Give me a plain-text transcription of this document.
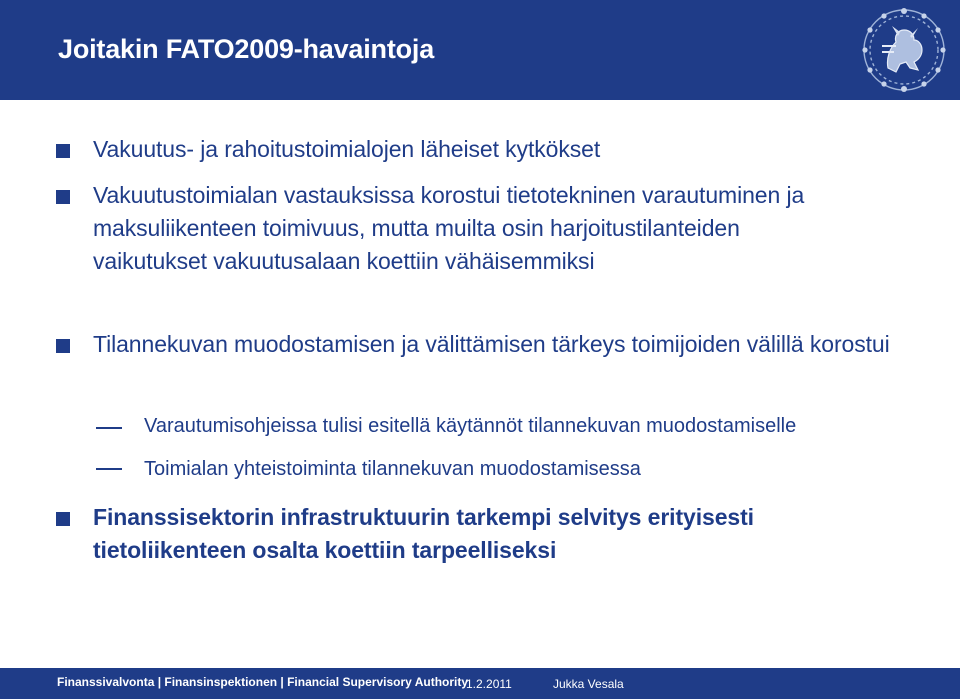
Joitakin FATO2009-havaintoja
Vakuutus- ja rahoitustoimialojen läheiset kytkökset
Vakuutustoimialan vastauksissa korostui tietotekninen varautuminen ja maksuliikenteen toimivuus, mutta muilta osin harjoitustilanteiden vaikutukset vakuutusalaan koettiin vähäisemmiksi
Tilannekuvan muodostamisen ja välittämisen tärkeys toimijoiden välillä korostui
Varautumisohjeissa tulisi esitellä käytännöt tilannekuvan muodostamiselle
Toimialan yhteistoiminta tilannekuvan muodostamisessa
Finanssisektorin infrastruktuurin tarkempi selvitys erityisesti tietoliikenteen osalta koettiin tarpeelliseksi
Finanssivalvonta | Finansinspektionen | Financial Supervisory Authority
1.2.2011	Jukka Vesala
